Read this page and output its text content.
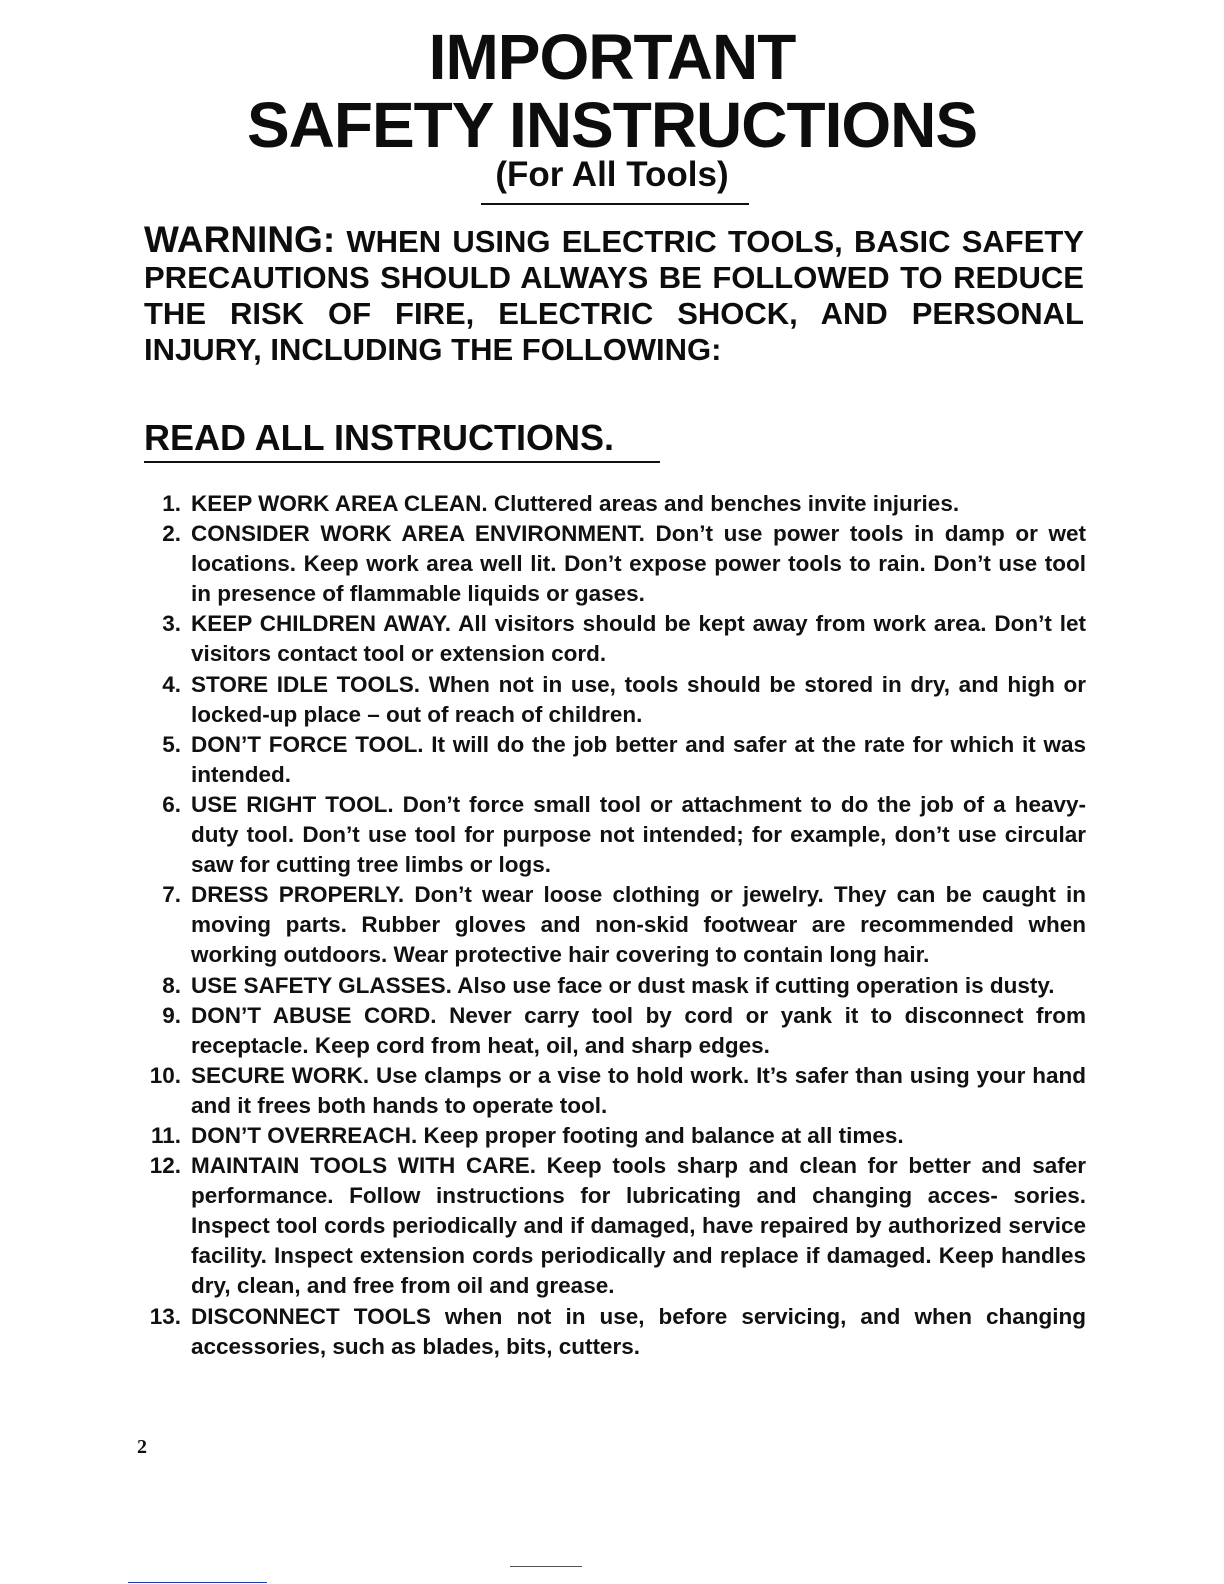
IMPORTANT
SAFETY INSTRUCTIONS
(For All Tools)
WARNING: WHEN USING ELECTRIC TOOLS, BASIC SAFETY PRECAUTIONS SHOULD ALWAYS BE FOLLOWED TO REDUCE THE RISK OF FIRE, ELECTRIC SHOCK, AND PERSONAL INJURY, INCLUDING THE FOLLOWING:
READ ALL INSTRUCTIONS.
1. KEEP WORK AREA CLEAN. Cluttered areas and benches invite injuries.
2. CONSIDER WORK AREA ENVIRONMENT. Don’t use power tools in damp or wet locations. Keep work area well lit. Don’t expose power tools to rain. Don’t use tool in presence of flammable liquids or gases.
3. KEEP CHILDREN AWAY. All visitors should be kept away from work area. Don’t let visitors contact tool or extension cord.
4. STORE IDLE TOOLS. When not in use, tools should be stored in dry, and high or locked-up place – out of reach of children.
5. DON’T FORCE TOOL. It will do the job better and safer at the rate for which it was intended.
6. USE RIGHT TOOL. Don’t force small tool or attachment to do the job of a heavy-duty tool. Don’t use tool for purpose not intended; for example, don’t use circular saw for cutting tree limbs or logs.
7. DRESS PROPERLY. Don’t wear loose clothing or jewelry. They can be caught in moving parts. Rubber gloves and non-skid footwear are recommended when working outdoors. Wear protective hair covering to contain long hair.
8. USE SAFETY GLASSES. Also use face or dust mask if cutting operation is dusty.
9. DON’T ABUSE CORD. Never carry tool by cord or yank it to disconnect from receptacle. Keep cord from heat, oil, and sharp edges.
10. SECURE WORK. Use clamps or a vise to hold work. It’s safer than using your hand and it frees both hands to operate tool.
11. DON’T OVERREACH. Keep proper footing and balance at all times.
12. MAINTAIN TOOLS WITH CARE. Keep tools sharp and clean for better and safer performance. Follow instructions for lubricating and changing acces- sories. Inspect tool cords periodically and if damaged, have repaired by authorized service facility. Inspect extension cords periodically and replace if damaged. Keep handles dry, clean, and free from oil and grease.
13. DISCONNECT TOOLS when not in use, before servicing, and when changing accessories, such as blades, bits, cutters.
2
